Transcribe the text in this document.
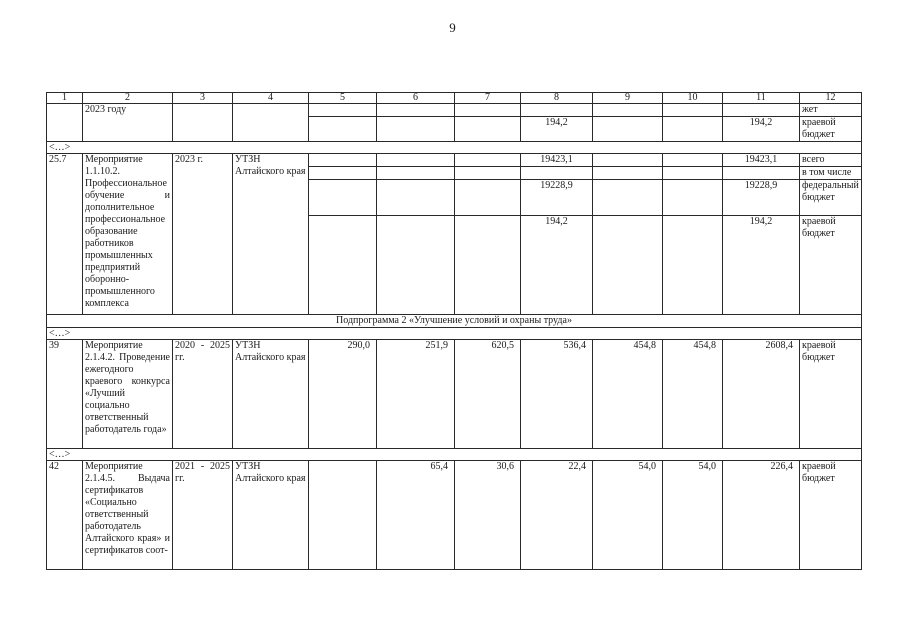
9
1	2	3	4	5	6	7	8	9	10	11	12
	2023 году										жет
							194,2			194,2	краевой бюджет
<…>											
25.7	Мероприятие 1.1.10.2. Профессиональное обучение и дополнительное профессиональное образование работников промышленных предприятий оборонно-промышленного комплекса	2023 г.	УТЗН Алтайского края				19423,1			19423,1	всего
											в том числе
							19228,9			19228,9	федеральный бюджет
							194,2			194,2	краевой бюджет
Подпрограмма 2 «Улучшение условий и охраны труда»											
<…>											
39	Мероприятие 2.1.4.2. Проведение ежегодного краевого конкурса «Лучший социально ответственный работодатель года»	2020 - 2025 гг.	УТЗН Алтайского края	290,0	251,9	620,5	536,4	454,8	454,8	2608,4	краевой бюджет
<…>											
42	Мероприятие 2.1.4.5. Выдача сертификатов «Социально ответственный работодатель Алтайского края» и сертификатов соот-	2021 - 2025 гг.	УТЗН Алтайского края		65,4	30,6	22,4	54,0	54,0	226,4	краевой бюджет
